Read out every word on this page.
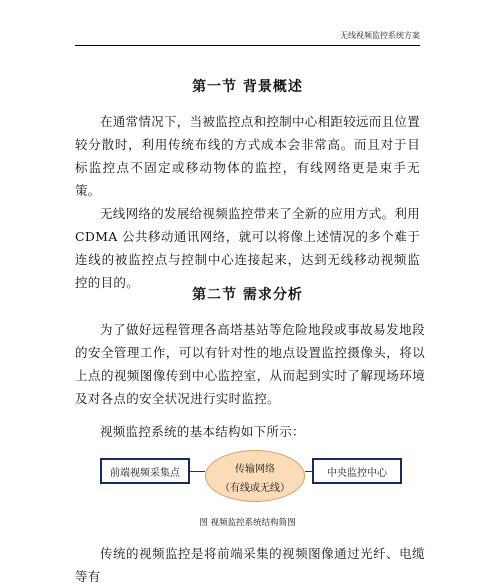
无线视频监控系统方案
第一节 背景概述
在通常情况下，当被监控点和控制中心相距较远而且位置较分散时，利用传统布线的方式成本会非常高。而且对于目标监控点不固定或移动物体的监控，有线网络更是束手无策。
无线网络的发展给视频监控带来了全新的应用方式。利用CDMA 公共移动通讯网络，就可以将像上述情况的多个难于连线的被监控点与控制中心连接起来，达到无线移动视频监控的目的。
第二节 需求分析
为了做好远程管理各高塔基站等危险地段或事故易发地段的安全管理工作，可以有针对性的地点设置监控摄像头，将以上点的视频图像传到中心监控室，从而起到实时了解现场环境及对各点的安全状况进行实时监控。
视频监控系统的基本结构如下所示：
前端视频采集点	传输网络
（有线或无线）
中央监控中心
图 视频监控系统结构简图
传统的视频监控是将前端采集的视频图像通过光纤、电缆等有
